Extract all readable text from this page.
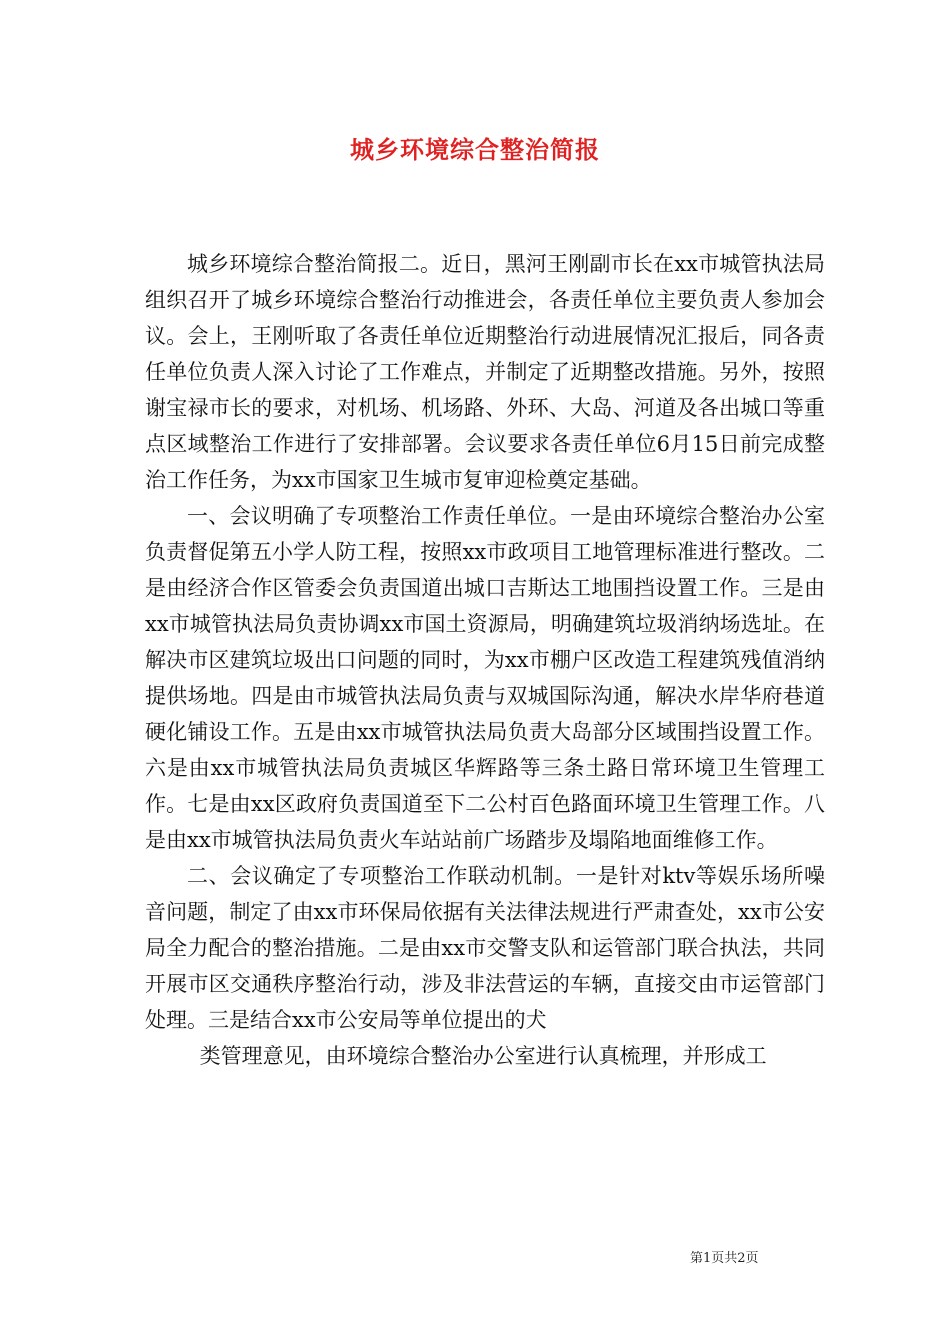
城乡环境综合整治简报

城乡环境综合整治简报二。近日，黑河王刚副市长在xx市城管执法局组织召开了城乡环境综合整治行动推进会，各责任单位主要负责人参加会议。会上，王刚听取了各责任单位近期整治行动进展情况汇报后，同各责任单位负责人深入讨论了工作难点，并制定了近期整改措施。另外，按照谢宝禄市长的要求，对机场、机场路、外环、大岛、河道及各出城口等重点区域整治工作进行了安排部署。会议要求各责任单位6月15日前完成整治工作任务，为xx市国家卫生城市复审迎检奠定基础。

一、会议明确了专项整治工作责任单位。一是由环境综合整治办公室负责督促第五小学人防工程，按照xx市政项目工地管理标准进行整改。二是由经济合作区管委会负责国道出城口吉斯达工地围挡设置工作。三是由xx市城管执法局负责协调xx市国土资源局，明确建筑垃圾消纳场选址。在解决市区建筑垃圾出口问题的同时，为xx市棚户区改造工程建筑残值消纳提供场地。四是由市城管执法局负责与双城国际沟通，解决水岸华府巷道硬化铺设工作。五是由xx市城管执法局负责大岛部分区域围挡设置工作。六是由xx市城管执法局负责城区华辉路等三条土路日常环境卫生管理工作。七是由xx区政府负责国道至下二公村百色路面环境卫生管理工作。八是由xx市城管执法局负责火车站站前广场踏步及塌陷地面维修工作。

二、会议确定了专项整治工作联动机制。一是针对ktv等娱乐场所噪音问题，制定了由xx市环保局依据有关法律法规进行严肃查处，xx市公安局全力配合的整治措施。二是由xx市交警支队和运管部门联合执法，共同开展市区交通秩序整治行动，涉及非法营运的车辆，直接交由市运管部门处理。三是结合xx市公安局等单位提出的犬

类管理意见，由环境综合整治办公室进行认真梳理，并形成工

第1页共2页
